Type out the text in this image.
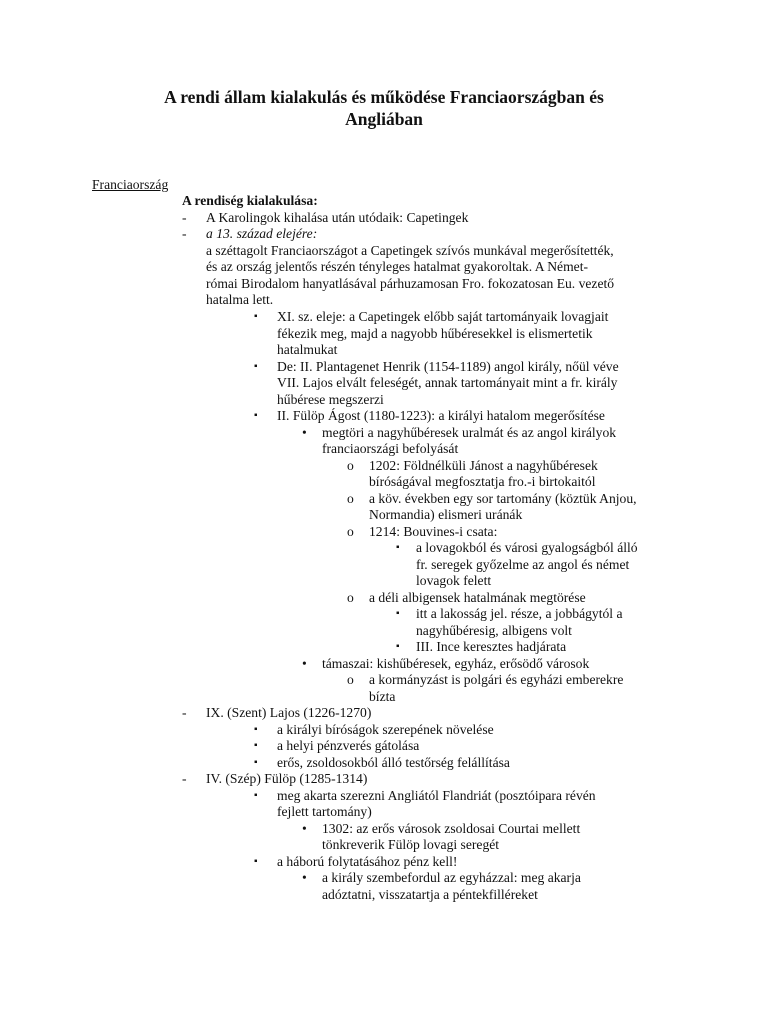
A rendi állam kialakulás és működése Franciaországban és
Angliában
Franciaország
A rendiség kialakulása:
- A Karolingok kihalása után utódaik: Capetingek
- a 13. század elejére:
a széttagolt Franciaországot a Capetingek szívós munkával megerősítették,
és az ország jelentős részén tényleges hatalmat gyakoroltak. A Német-
római Birodalom hanyatlásával párhuzamosan Fro. fokozatosan Eu. vezető
hatalma lett.
▪ XI. sz. eleje: a Capetingek előbb saját tartományaik lovagjait
fékezik meg, majd a nagyobb hűbéresekkel is elismertetik
hatalmukat
▪ De: II. Plantagenet Henrik (1154-1189) angol király, nőül véve
VII. Lajos elvált feleségét, annak tartományait mint a fr. király
hűbérese megszerzi
▪ II. Fülöp Ágost (1180-1223): a királyi hatalom megerősítése
• megtöri a nagyhűbéresek uralmát és az angol királyok
franciaországi befolyását
o 1202: Földnélküli Jánost a nagyhűbéresek
bíróságával megfosztatja fro.-i birtokaitól
o a köv. években egy sor tartomány (köztük Anjou,
Normandia) elismeri uránák
o 1214: Bouvines-i csata:
▪ a lovagokból és városi gyalogságból álló
fr. seregek győzelme az angol és német
lovagok felett
o a déli albigensek hatalmának megtörése
▪ itt a lakosság jel. része, a jobbágytól a
nagyhűbéresig, albigens volt
▪ III. Ince keresztes hadjárata
• támaszai: kishűbéresek, egyház, erősödő városok
o a kormányzást is polgári és egyházi emberekre
bízta
- IX. (Szent) Lajos (1226-1270)
▪ a királyi bíróságok szerepének növelése
▪ a helyi pénzverés gátolása
▪ erős, zsoldosokból álló testőrség felállítása
- IV. (Szép) Fülöp (1285-1314)
▪ meg akarta szerezni Angliától Flandriát (posztóipara révén
fejlett tartomány)
• 1302: az erős városok zsoldosai Courtai mellett
tönkreverik Fülöp lovagi seregét
▪ a háború folytatásához pénz kell!
• a király szembefordul az egyházzal: meg akarja
adóztatni, visszatartja a péntekfilléreket
